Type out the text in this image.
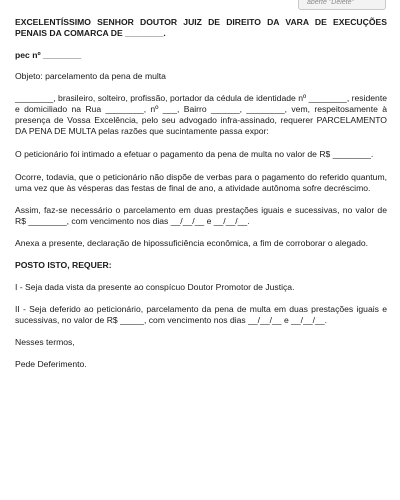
aberte "Delete"

EXCELENTÍSSIMO SENHOR DOUTOR JUIZ DE DIREITO DA VARA DE EXECUÇÕES PENAIS DA COMARCA DE ________.

pec nº ________

Objeto: parcelamento da pena de multa

________, brasileiro, solteiro, profissão, portador da cédula de identidade nº ________, residente e domiciliado na Rua ________, nº ___, Bairro ______, ________, vem, respeitosamente à presença de Vossa Excelência, pelo seu advogado infra-assinado, requerer PARCELAMENTO DA PENA DE MULTA pelas razões que sucintamente passa expor:

O peticionário foi intimado a efetuar o pagamento da pena de multa no valor de R$ ________.

Ocorre, todavia, que o peticionário não dispõe de verbas para o pagamento do referido quantum, uma vez que às vésperas das festas de final de ano, a atividade autônoma sofre decréscimo.

Assim, faz-se necessário o parcelamento em duas prestações iguais e sucessivas, no valor de R$ ________, com vencimento nos dias __/__/__ e __/__/__.

Anexa a presente, declaração de hipossuficiência econômica, a fim de corroborar o alegado.

POSTO ISTO, REQUER:

I - Seja dada vista da presente ao conspícuo Doutor Promotor de Justiça.

II - Seja deferido ao peticionário, parcelamento da pena de multa em duas prestações iguais e sucessivas, no valor de R$ _____, com vencimento nos dias __/__/__ e __/__/__.

Nesses termos,

Pede Deferimento.
